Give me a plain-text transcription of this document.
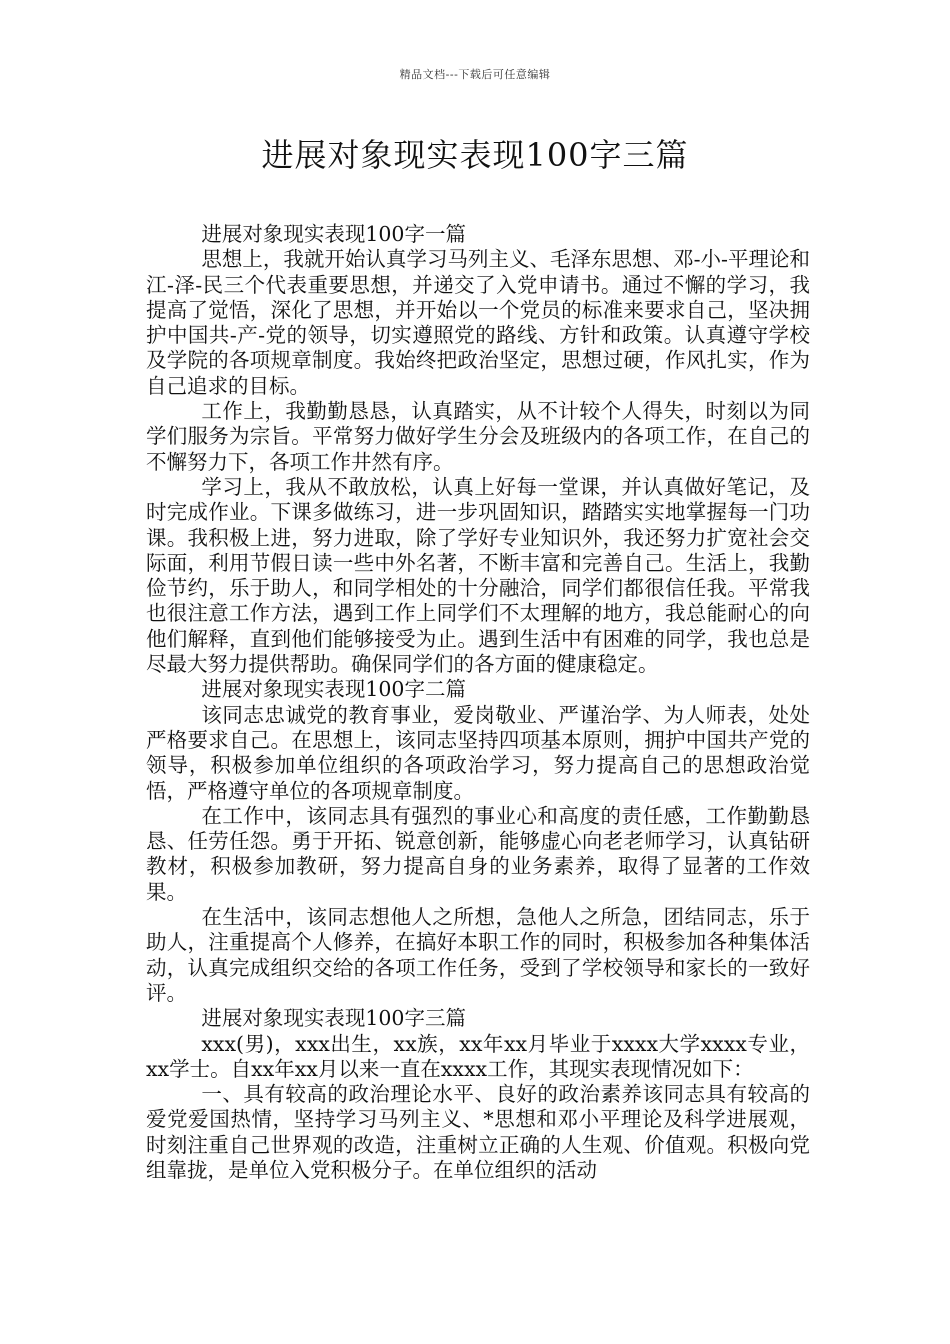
精品文档---下载后可任意编辑
进展对象现实表现100字三篇

进展对象现实表现100字一篇

思想上，我就开始认真学习马列主义、毛泽东思想、邓-小-平理论和江-泽-民三个代表重要思想，并递交了入党申请书。通过不懈的学习，我提高了觉悟，深化了思想，并开始以一个党员的标准来要求自己，坚决拥护中国共-产-党的领导，切实遵照党的路线、方针和政策。认真遵守学校及学院的各项规章制度。我始终把政治坚定，思想过硬，作风扎实，作为自己追求的目标。

工作上，我勤勤恳恳，认真踏实，从不计较个人得失，时刻以为同学们服务为宗旨。平常努力做好学生分会及班级内的各项工作，在自己的不懈努力下，各项工作井然有序。

学习上，我从不敢放松，认真上好每一堂课，并认真做好笔记，及时完成作业。下课多做练习，进一步巩固知识，踏踏实实地掌握每一门功课。我积极上进，努力进取，除了学好专业知识外，我还努力扩宽社会交际面，利用节假日读一些中外名著，不断丰富和完善自己。生活上，我勤俭节约，乐于助人，和同学相处的十分融洽，同学们都很信任我。平常我也很注意工作方法，遇到工作上同学们不太理解的地方，我总能耐心的向他们解释，直到他们能够接受为止。遇到生活中有困难的同学，我也总是尽最大努力提供帮助。确保同学们的各方面的健康稳定。

进展对象现实表现100字二篇

该同志忠诚党的教育事业，爱岗敬业、严谨治学、为人师表，处处严格要求自己。在思想上，该同志坚持四项基本原则，拥护中国共产党的领导，积极参加单位组织的各项政治学习，努力提高自己的思想政治觉悟，严格遵守单位的各项规章制度。

在工作中，该同志具有强烈的事业心和高度的责任感，工作勤勤恳恳、任劳任怨。勇于开拓、锐意创新，能够虚心向老老师学习，认真钻研教材，积极参加教研，努力提高自身的业务素养，取得了显著的工作效果。

在生活中，该同志想他人之所想，急他人之所急，团结同志，乐于助人，注重提高个人修养，在搞好本职工作的同时，积极参加各种集体活动，认真完成组织交给的各项工作任务，受到了学校领导和家长的一致好评。

进展对象现实表现100字三篇

xxx(男)，xxx出生，xx族，xx年xx月毕业于xxxx大学xxxx专业，xx学士。自xx年xx月以来一直在xxxx工作，其现实表现情况如下：

一、具有较高的政治理论水平、良好的政治素养该同志具有较高的爱党爱国热情，坚持学习马列主义、*思想和邓小平理论及科学进展观，时刻注重自己世界观的改造，注重树立正确的人生观、价值观。积极向党组靠拢，是单位入党积极分子。在单位组织的活动
